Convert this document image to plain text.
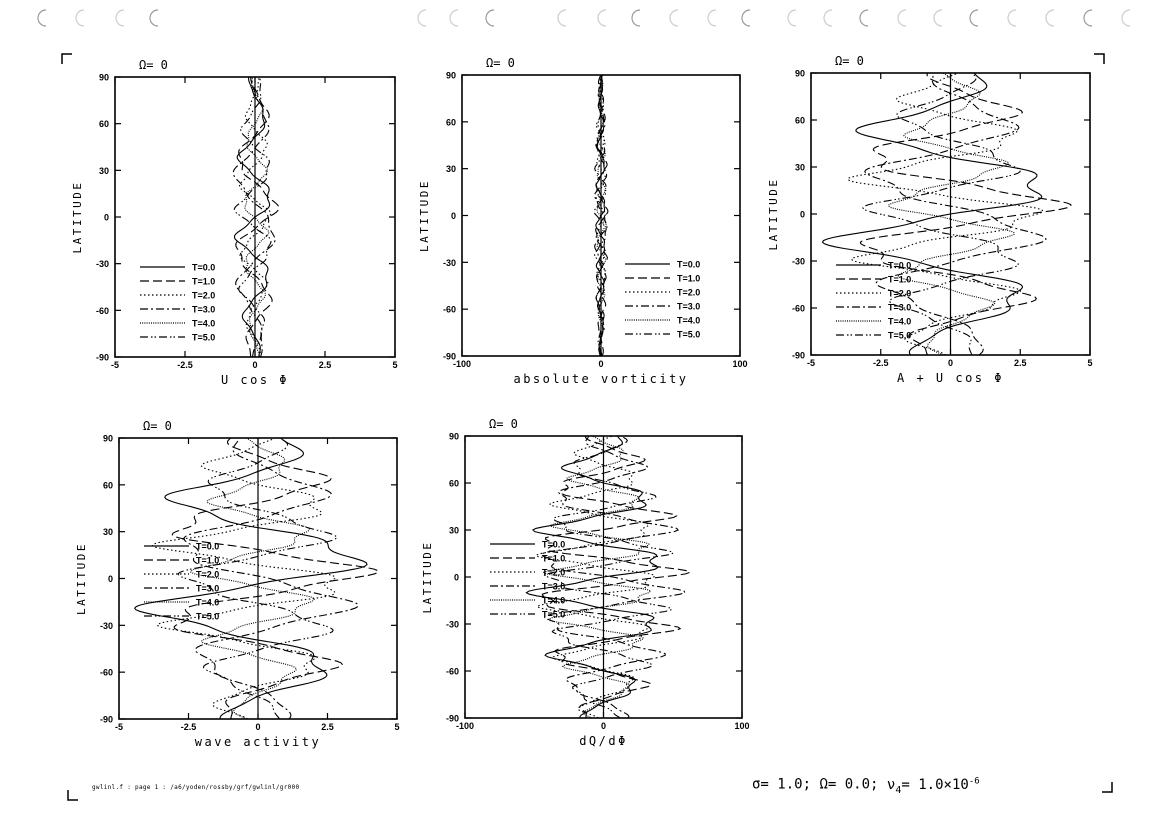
90
60
30
0
-30
-60
-90
-5	-2.5	0	2.5	5
Ω= 0
U cos Φ
LATITUDE
T=0.0
T=1.0
T=2.0
T=3.0
T=4.0
T=5.0
90
60
30
0
-30
-60
-90
-100	0	100
Ω= 0
absolute vorticity
LATITUDE
T=0.0
T=1.0
T=2.0
T=3.0
T=4.0
T=5.0
90
60
30
0
-30
-60
-90
-5	-2.5	0	2.5	5
Ω= 0
A + U cos Φ
LATITUDE
T=0.0
T=1.0
T=2.0
T=3.0
T=4.0
T=5.0
90
60
30
0
-30
-60
-90
-5	-2.5	0	2.5	5
Ω= 0
wave activity
LATITUDE	T=0.0
T=1.0
T=2.0
T=3.0
T=4.0
T=5.0
90
60
30
0
-30
-60
-90
-100	0	100
Ω= 0
dQ/dΦ
LATITUDE	T=0.0
T=1.0
T=2.0
T=3.0
T=4.0
T=5.0
gwlinl.f : page 1 : /a6/yoden/rossby/grf/gwlinl/gr000	σ= 1.0; Ω= 0.0; $\nu_4= 1.0\times 10^{-6}$
